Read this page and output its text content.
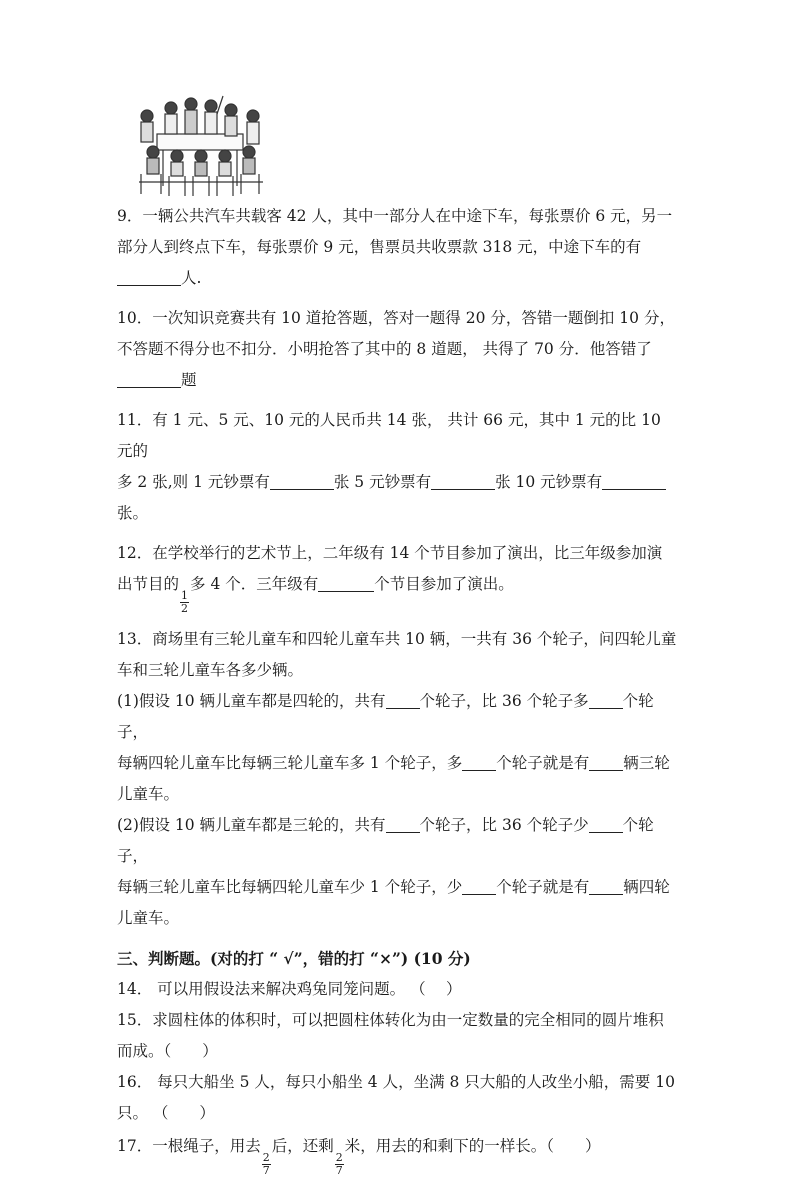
9．一辆公共汽车共载客 42 人，其中一部分人在中途下车，每张票价 6 元，另一
部分人到终点下车，每张票价 9 元，售票员共收票款 318 元，中途下车的有
人.
10．一次知识竞赛共有 10 道抢答题，答对一题得 20 分，答错一题倒扣 10 分，
不答题不得分也不扣分．小明抢答了其中的 8 道题， 共得了 70 分．他答错了
题
11．有 1 元、5 元、10 元的人民币共 14 张， 共计 66 元，其中 1 元的比 10 元的
多 2 张,则 1 元钞票有	张 5 元钞票有	张 10 元钞票有
张。
12．在学校举行的艺术节上，二年级有 14 个节目参加了演出，比三年级参加演
出节目的
$\frac{1}{2}$
多 4 个．三年级有	个节目参加了演出。
13．商场里有三轮儿童车和四轮儿童车共 10 辆，一共有 36 个轮子，问四轮儿童
车和三轮儿童车各多少辆。
(1)假设 10 辆儿童车都是四轮的，共有 个轮子，比 36 个轮子多 个轮子，
每辆四轮儿童车比每辆三轮儿童车多 1 个轮子，多 个轮子就是有 辆三轮
儿童车。
(2)假设 10 辆儿童车都是三轮的，共有 个轮子，比 36 个轮子少 个轮子，
每辆三轮儿童车比每辆四轮儿童车少 1 个轮子，少 个轮子就是有 辆四轮
儿童车。
三、判断题。(对的打 “ √”，错的打 “×”) (10 分)
14． 可以用假设法来解决鸡兔同笼问题。 （　 ）
15．求圆柱体的体积时，可以把圆柱体转化为由一定数量的完全相同的圆片堆积
而成。（　　）
16． 每只大船坐 5 人，每只小船坐 4 人，坐满 8 只大船的人改坐小船，需要 10
只。 （　　）
17．一根绳子，用去
$\frac{2}{7}$
后，还剩
$\frac{2}{7}$
米，用去的和剩下的一样长。（　　）
